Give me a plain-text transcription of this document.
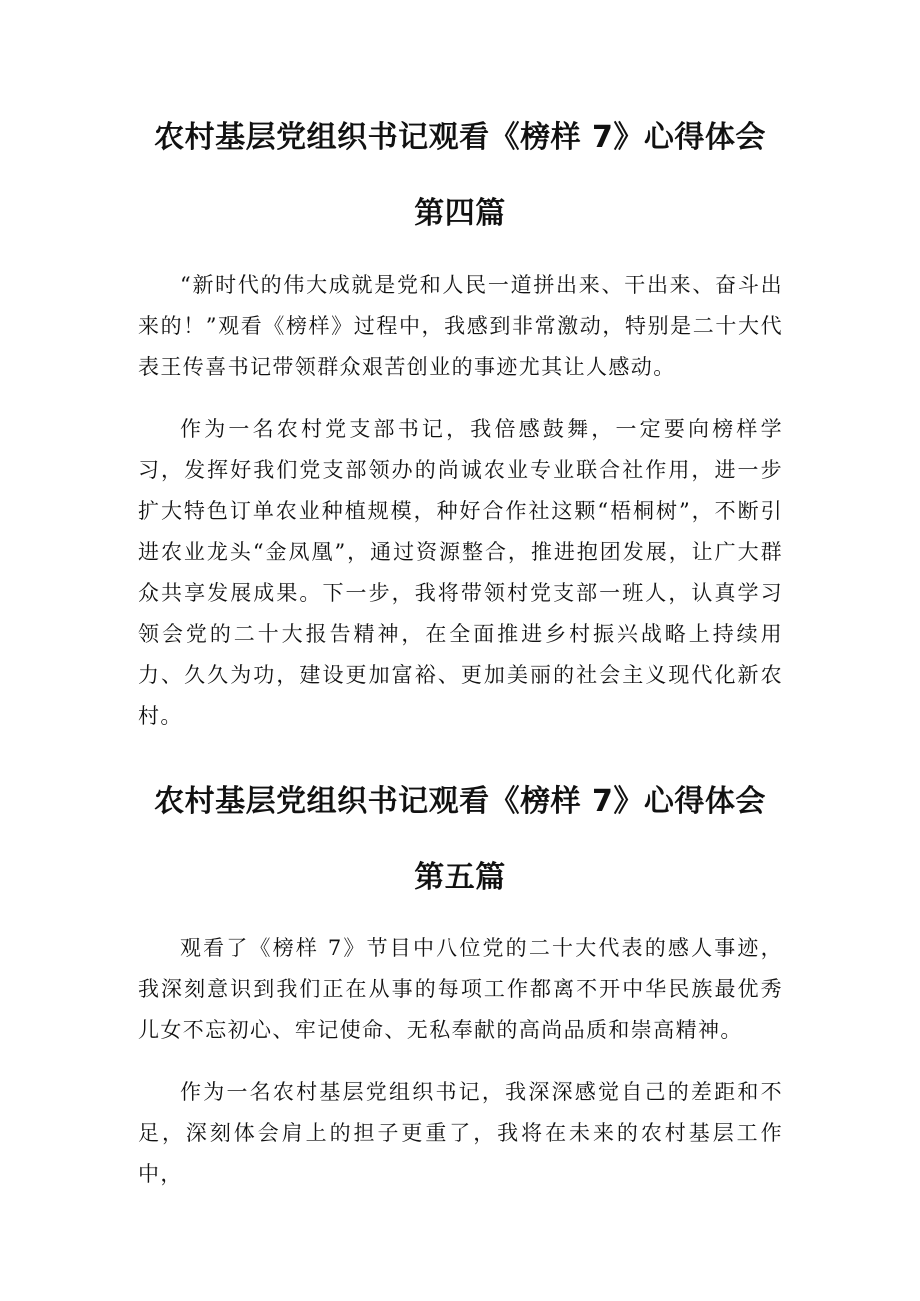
农村基层党组织书记观看《榜样 7》心得体会
第四篇

“新时代的伟大成就是党和人民一道拼出来、干出来、奋斗出来的！”观看《榜样》过程中，我感到非常激动，特别是二十大代表王传喜书记带领群众艰苦创业的事迹尤其让人感动。

作为一名农村党支部书记，我倍感鼓舞，一定要向榜样学习，发挥好我们党支部领办的尚诚农业专业联合社作用，进一步扩大特色订单农业种植规模，种好合作社这颗“梧桐树”，不断引进农业龙头“金凤凰”，通过资源整合，推进抱团发展，让广大群众共享发展成果。下一步，我将带领村党支部一班人，认真学习领会党的二十大报告精神，在全面推进乡村振兴战略上持续用力、久久为功，建设更加富裕、更加美丽的社会主义现代化新农村。

农村基层党组织书记观看《榜样 7》心得体会
第五篇

观看了《榜样 7》节目中八位党的二十大代表的感人事迹，我深刻意识到我们正在从事的每项工作都离不开中华民族最优秀儿女不忘初心、牢记使命、无私奉献的高尚品质和崇高精神。

作为一名农村基层党组织书记，我深深感觉自己的差距和不足，深刻体会肩上的担子更重了，我将在未来的农村基层工作中，
